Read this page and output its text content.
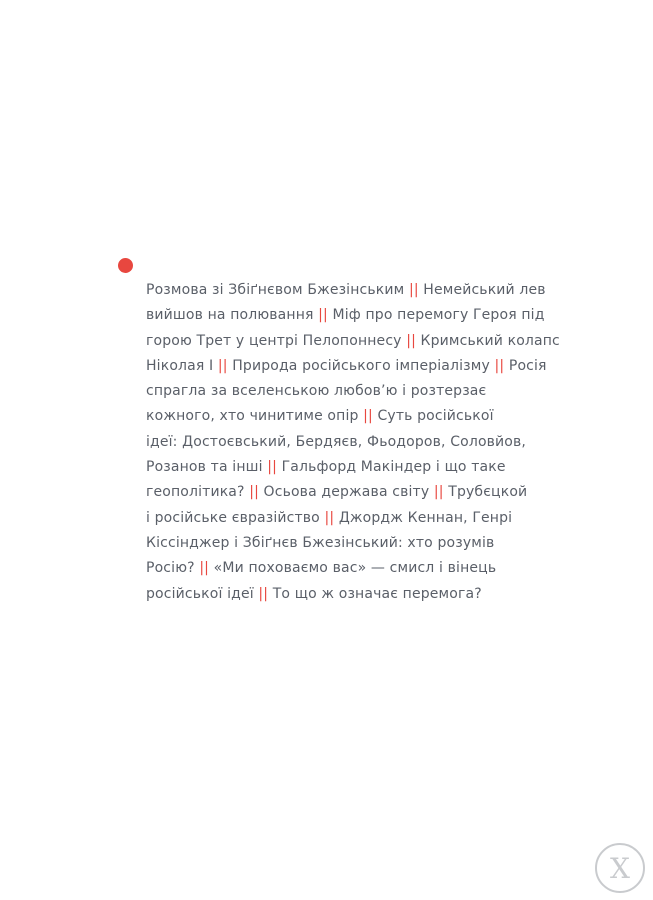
Розмова зі Збіґнєвом Бжезінським || Немейський лев
вийшов на полювання || Міф про перемогу Героя під
горою Трет у центрі Пелопоннесу || Кримський колапс
Ніколая І || Природа російського імперіалізму || Росія
спрагла за вселенською любов’ю і розтерзає
кожного, хто чинитиме опір || Суть російської
ідеї: Достоєвський, Бердяєв, Фьодоров, Соловйов,
Розанов та інші || Гальфорд Макіндер і що таке
геополітика? || Осьова держава світу || Трубєцкой
і російське євразійство || Джордж Кеннан, Генрі
Кіссінджер і Збіґнєв Бжезінський: хто розумів
Росію? || «Ми поховаємо вас» — смисл і вінець
російської ідеї || То що ж означає перемога?
X
